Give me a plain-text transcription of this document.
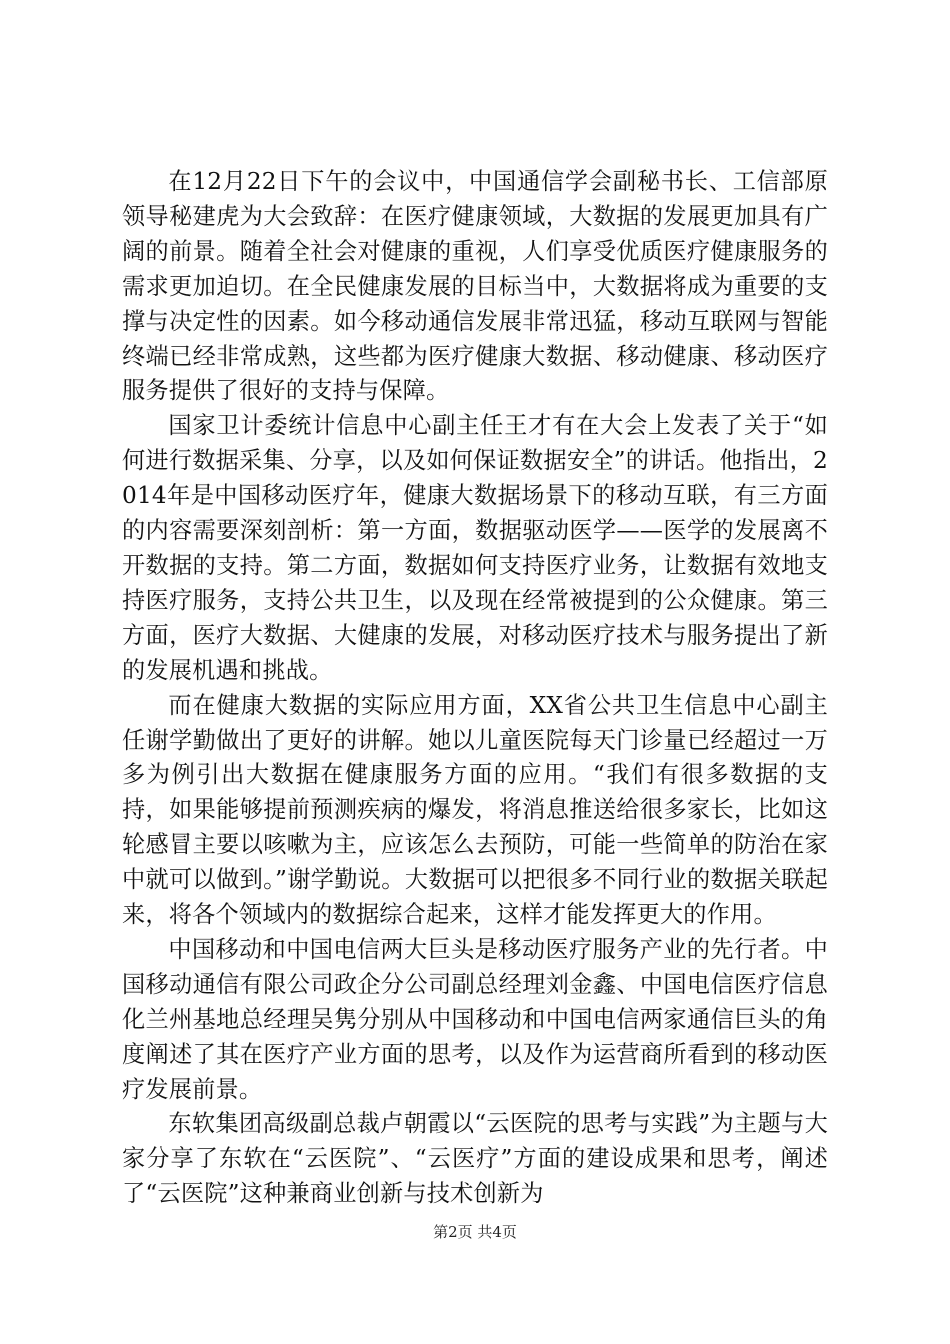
在12月22日下午的会议中，中国通信学会副秘书长、工信部原领导秘建虎为大会致辞：在医疗健康领域，大数据的发展更加具有广阔的前景。随着全社会对健康的重视，人们享受优质医疗健康服务的需求更加迫切。在全民健康发展的目标当中，大数据将成为重要的支撑与决定性的因素。如今移动通信发展非常迅猛，移动互联网与智能终端已经非常成熟，这些都为医疗健康大数据、移动健康、移动医疗服务提供了很好的支持与保障。

国家卫计委统计信息中心副主任王才有在大会上发表了关于“如何进行数据采集、分享，以及如何保证数据安全”的讲话。他指出，2014年是中国移动医疗年，健康大数据场景下的移动互联，有三方面的内容需要深刻剖析：第一方面，数据驱动医学——医学的发展离不开数据的支持。第二方面，数据如何支持医疗业务，让数据有效地支持医疗服务，支持公共卫生，以及现在经常被提到的公众健康。第三方面，医疗大数据、大健康的发展，对移动医疗技术与服务提出了新的发展机遇和挑战。

而在健康大数据的实际应用方面，XX省公共卫生信息中心副主任谢学勤做出了更好的讲解。她以儿童医院每天门诊量已经超过一万多为例引出大数据在健康服务方面的应用。“我们有很多数据的支持，如果能够提前预测疾病的爆发，将消息推送给很多家长，比如这轮感冒主要以咳嗽为主，应该怎么去预防，可能一些简单的防治在家中就可以做到。”谢学勤说。大数据可以把很多不同行业的数据关联起来，将各个领域内的数据综合起来，这样才能发挥更大的作用。

中国移动和中国电信两大巨头是移动医疗服务产业的先行者。中国移动通信有限公司政企分公司副总经理刘金鑫、中国电信医疗信息化兰州基地总经理吴隽分别从中国移动和中国电信两家通信巨头的角度阐述了其在医疗产业方面的思考，以及作为运营商所看到的移动医疗发展前景。

东软集团高级副总裁卢朝霞以“云医院的思考与实践”为主题与大家分享了东软在“云医院”、“云医疗”方面的建设成果和思考，阐述了“云医院”这种兼商业创新与技术创新为

第2页 共4页
